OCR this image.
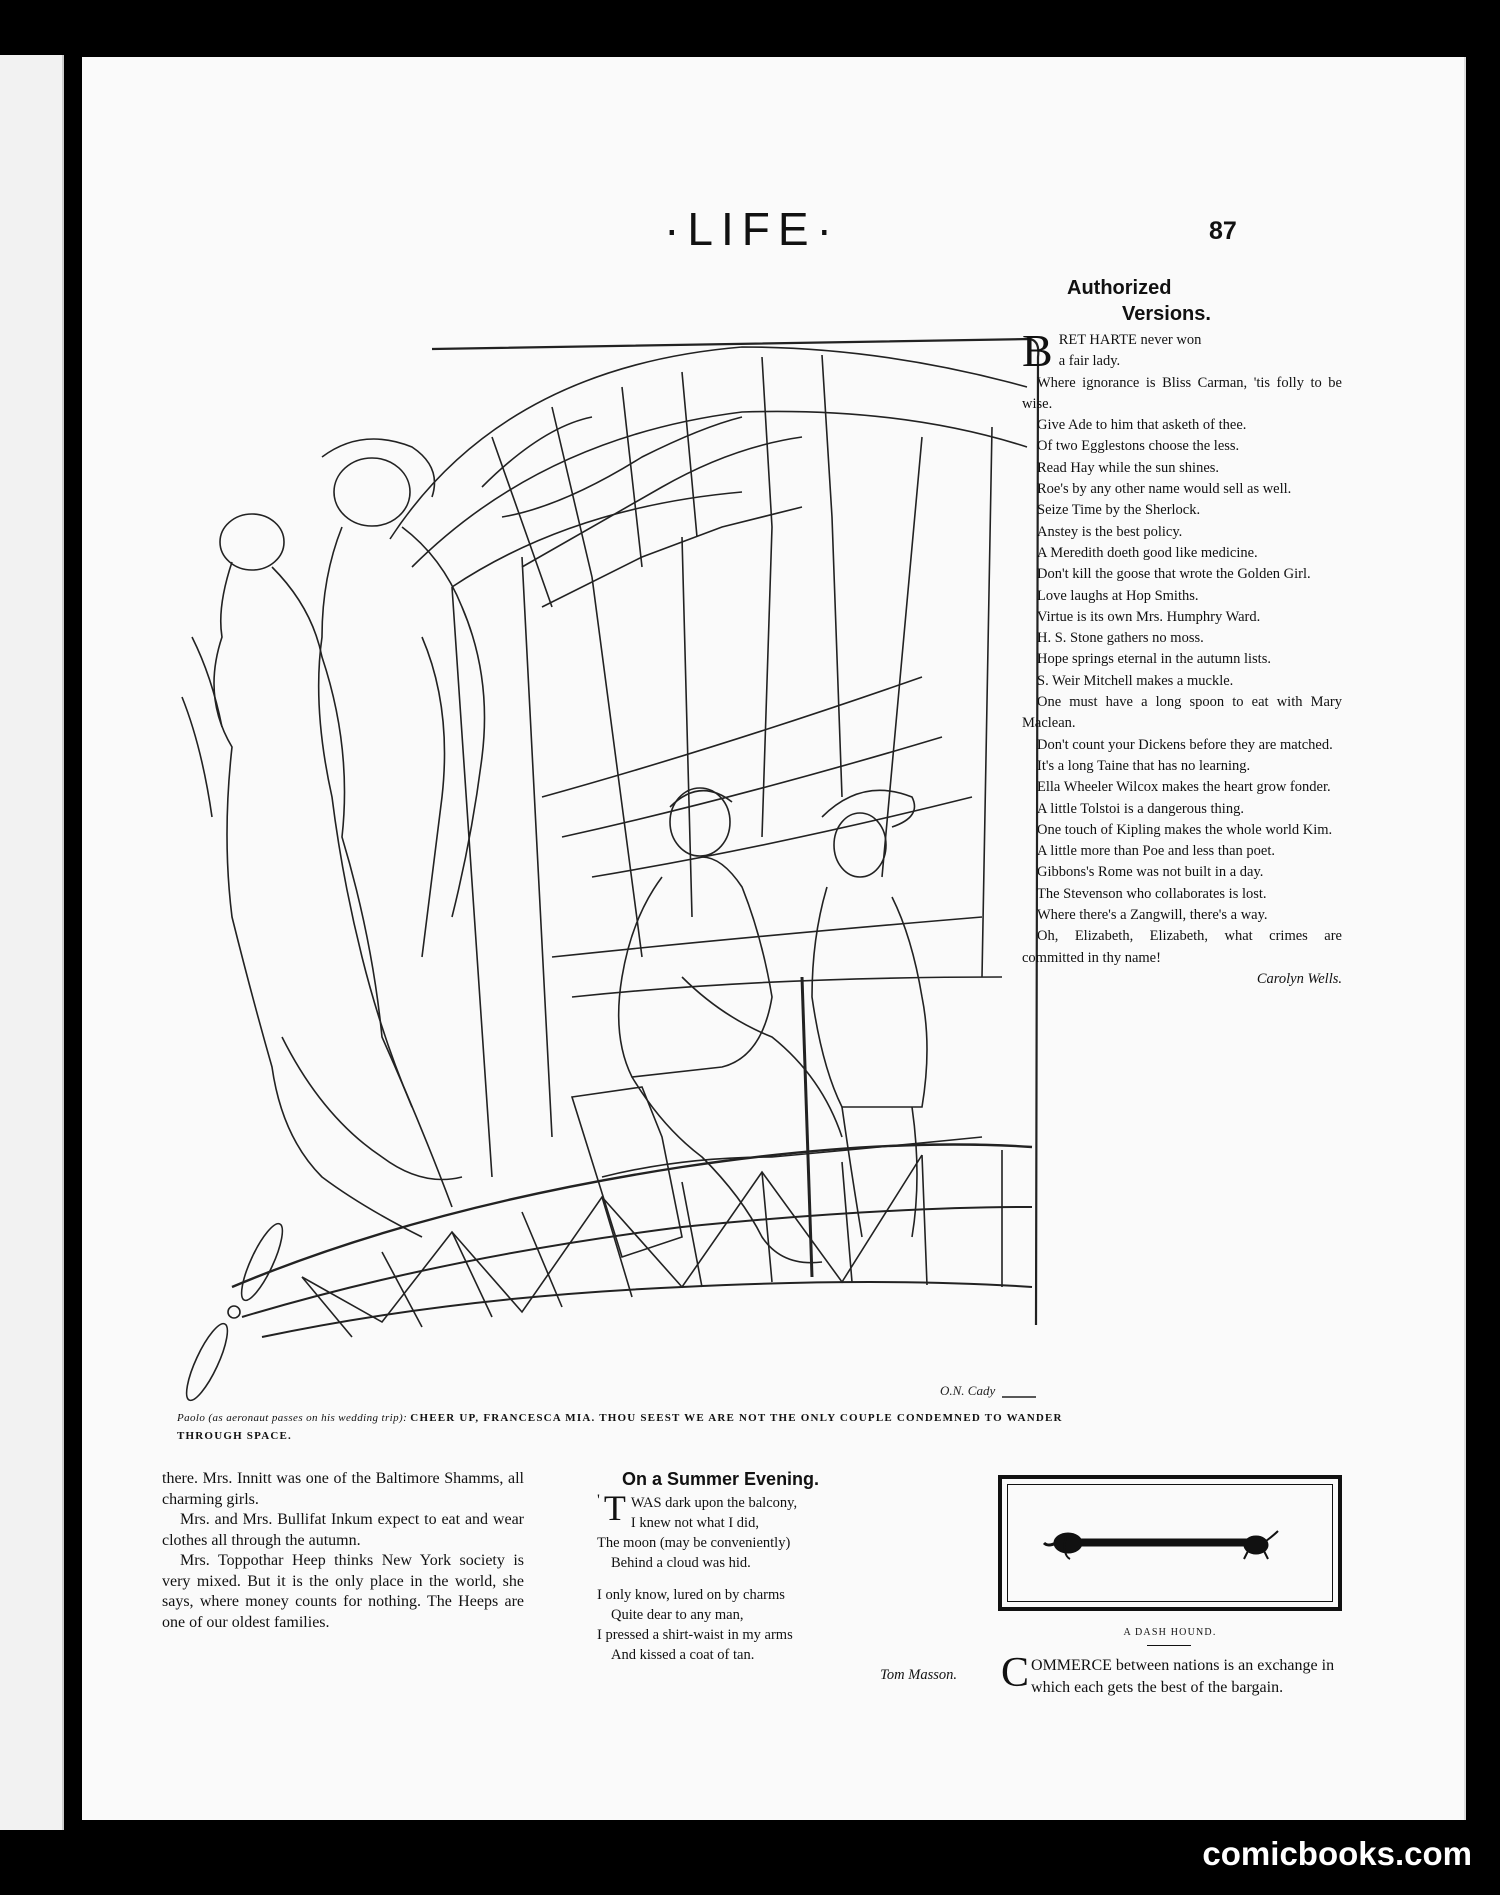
·LIFE·	87
O.N. Cady
Paolo (as aeronaut passes on his wedding trip): CHEER UP, FRANCESCA MIA. THOU SEEST WE ARE NOT THE ONLY COUPLE CONDEMNED TO WANDER THROUGH SPACE.
Authorized
Versions.
B RET HARTE never won
a fair lady.
Where ignorance is Bliss Carman, 'tis folly to be wise.
Give Ade to him that asketh of thee.
Of two Egglestons choose the less.
Read Hay while the sun shines.
Roe's by any other name would sell as well.
Seize Time by the Sherlock.
Anstey is the best policy.
A Meredith doeth good like medicine.
Don't kill the goose that wrote the Golden Girl.
Love laughs at Hop Smiths.
Virtue is its own Mrs. Humphry Ward.
H. S. Stone gathers no moss.
Hope springs eternal in the autumn lists.
S. Weir Mitchell makes a muckle.
One must have a long spoon to eat with Mary Maclean.
Don't count your Dickens before they are matched.
It's a long Taine that has no learning.
Ella Wheeler Wilcox makes the heart grow fonder.
A little Tolstoi is a dangerous thing.
One touch of Kipling makes the whole world Kim.
A little more than Poe and less than poet.
Gibbons's Rome was not built in a day.
The Stevenson who collaborates is lost.
Where there's a Zangwill, there's a way.
Oh, Elizabeth, Elizabeth, what crimes are committed in thy name!
Carolyn Wells.

there. Mrs. Innitt was one of the Baltimore Shamms, all charming girls.

Mrs. and Mrs. Bullifat Inkum expect to eat and wear clothes all through the autumn.

Mrs. Toppothar Heep thinks New York society is very mixed. But it is the only place in the world, she says, where money counts for nothing. The Heeps are one of our oldest families.

On a Summer Evening.
' T WAS dark upon the balcony,
I knew not what I did,
The moon (may be conveniently)
Behind a cloud was hid.
I only know, lured on by charms
Quite dear to any man,
I pressed a shirt-waist in my arms
And kissed a coat of tan.
Tom Masson.
A DASH HOUND.
C OMMERCE between nations is an exchange in which each gets the best of the bargain.
comicbooks.com
